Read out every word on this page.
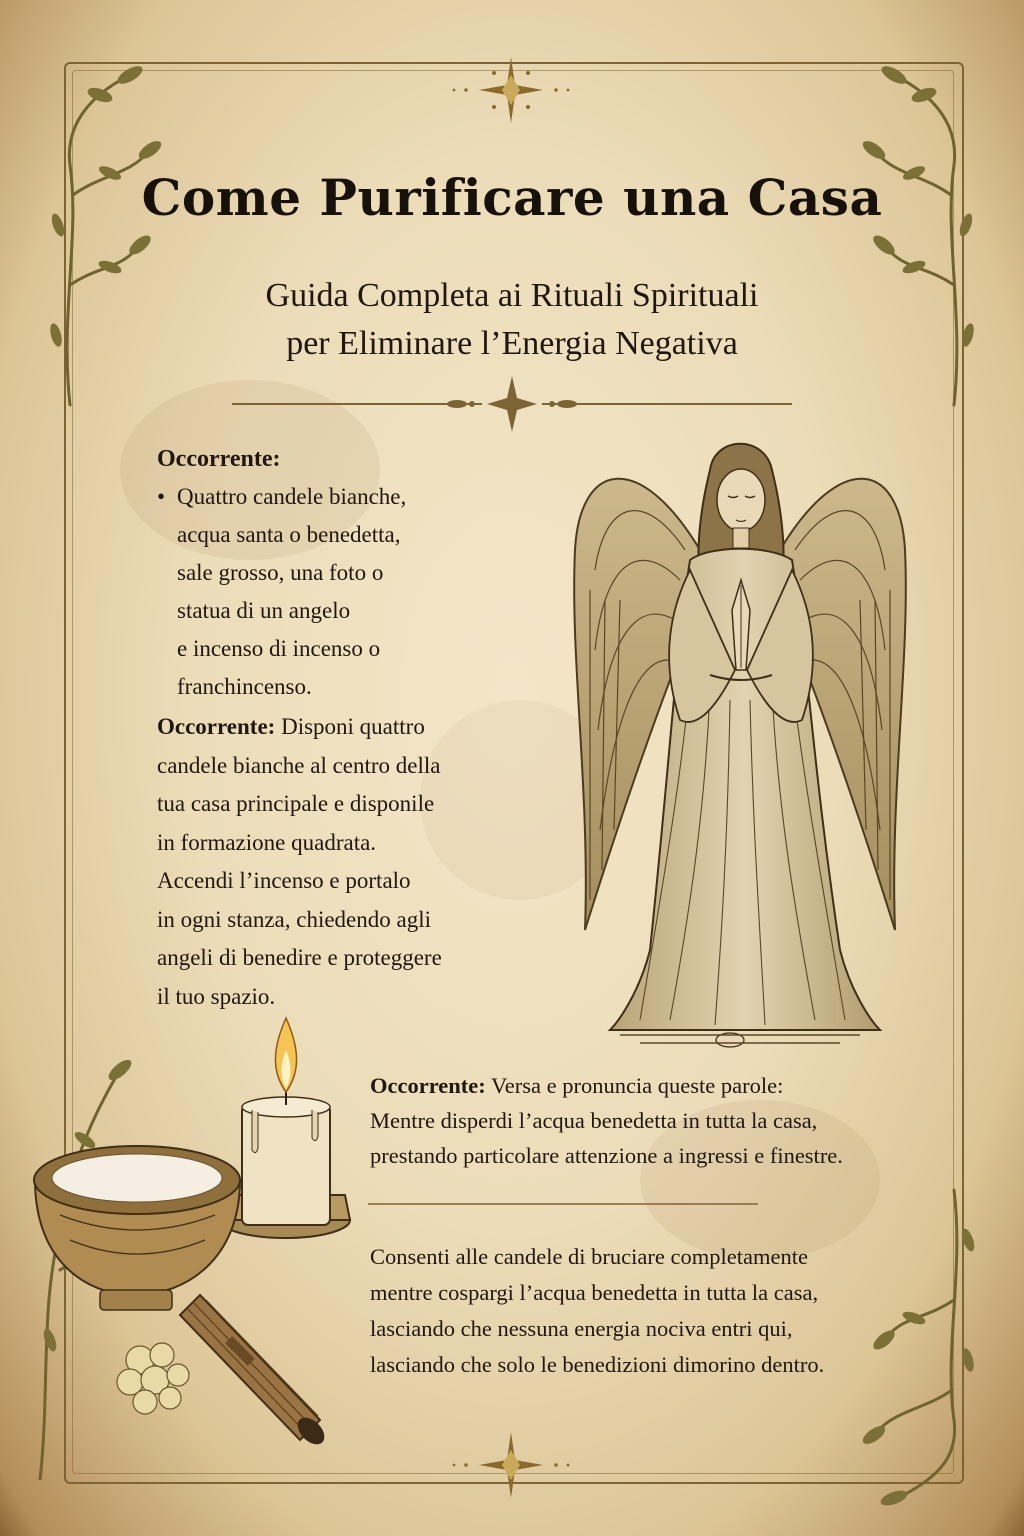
Come Purificare una Casa
Guida Completa ai Rituali Spirituali
per Eliminare l’Energia Negativa
Occorrente:
• Quattro candele bianche,
acqua santa o benedetta,
sale grosso, una foto o
statua di un angelo
e incenso di incenso o
franchincenso.
Occorrente: Disponi quattro
candele bianche al centro della
tua casa principale e disponile
in formazione quadrata.
Accendi l’incenso e portalo
in ogni stanza, chiedendo agli
angeli di benedire e proteggere
il tuo spazio.
Occorrente: Versa e pronuncia queste parole:
Mentre disperdi l’acqua benedetta in tutta la casa,
prestando particolare attenzione a ingressi e finestre.
Consenti alle candele di bruciare completamente
mentre cospargi l’acqua benedetta in tutta la casa,
lasciando che nessuna energia nociva entri qui,
lasciando che solo le benedizioni dimorino dentro.
